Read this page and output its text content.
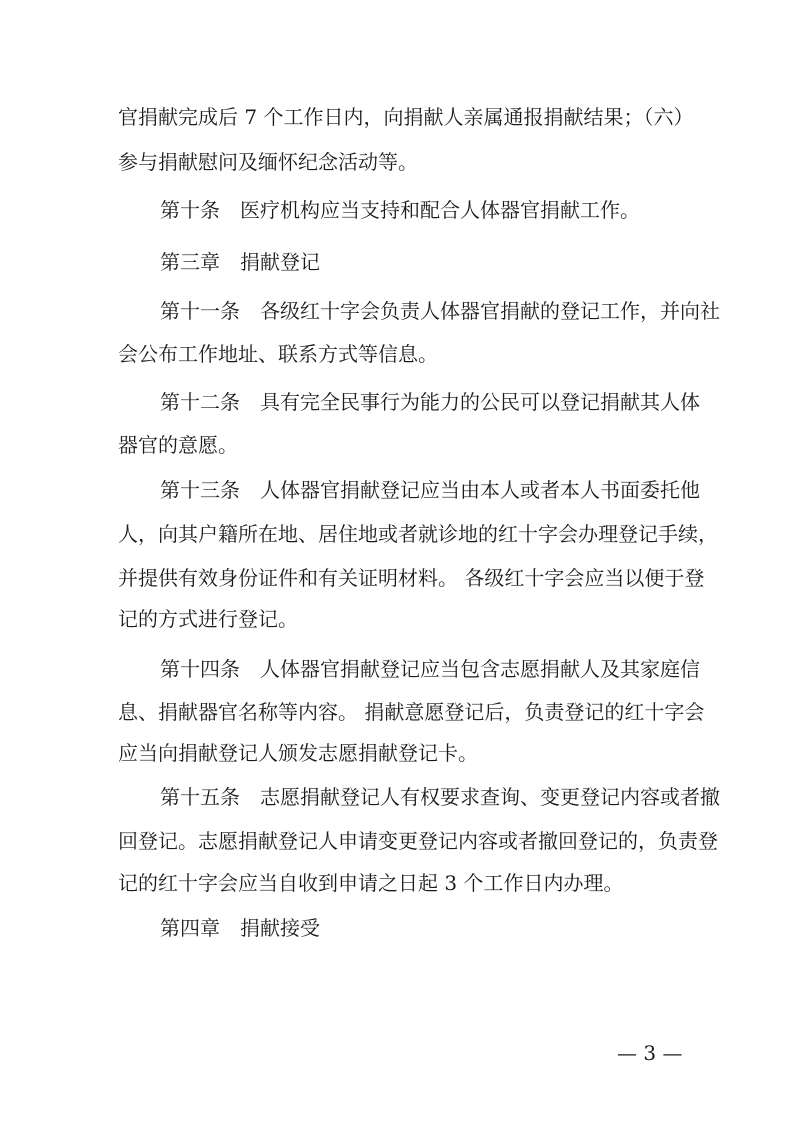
官捐献完成后 7 个工作日内，向捐献人亲属通报捐献结果；（六）
参与捐献慰问及缅怀纪念活动等。
第十条　医疗机构应当支持和配合人体器官捐献工作。
第三章　捐献登记
第十一条　各级红十字会负责人体器官捐献的登记工作，并向社
会公布工作地址、联系方式等信息。
第十二条　具有完全民事行为能力的公民可以登记捐献其人体
器官的意愿。
第十三条　人体器官捐献登记应当由本人或者本人书面委托他
人，向其户籍所在地、居住地或者就诊地的红十字会办理登记手续，
并提供有效身份证件和有关证明材料。 各级红十字会应当以便于登
记的方式进行登记。
第十四条　人体器官捐献登记应当包含志愿捐献人及其家庭信
息、捐献器官名称等内容。 捐献意愿登记后，负责登记的红十字会
应当向捐献登记人颁发志愿捐献登记卡。
第十五条　志愿捐献登记人有权要求查询、变更登记内容或者撤
回登记。志愿捐献登记人申请变更登记内容或者撤回登记的，负责登
记的红十字会应当自收到申请之日起 3 个工作日内办理。
第四章　捐献接受
— 3 —
